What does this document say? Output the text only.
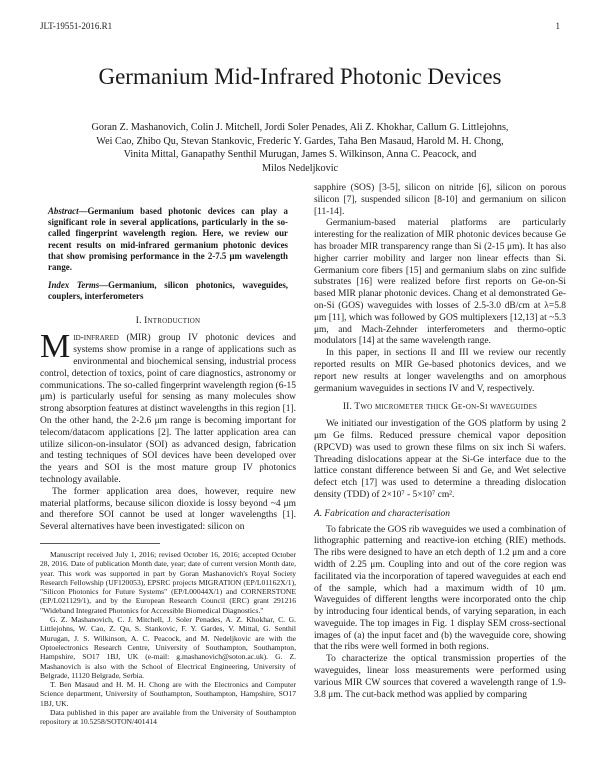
JLT-19551-2016.R1	1
Germanium Mid-Infrared Photonic Devices
Goran Z. Mashanovich, Colin J. Mitchell, Jordi Soler Penades, Ali Z. Khokhar, Callum G. Littlejohns,
Wei Cao, Zhibo Qu, Stevan Stankovic, Frederic Y. Gardes, Taha Ben Masaud, Harold M. H. Chong,
Vinita Mittal, Ganapathy Senthil Murugan, James S. Wilkinson, Anna C. Peacock, and
Milos Nedeljkovic
Abstract—Germanium based photonic devices can play a significant role in several applications, particularly in the so-called fingerprint wavelength region. Here, we review our recent results on mid-infrared germanium photonic devices that show promising performance in the 2-7.5 μm wavelength range.
Index Terms—Germanium, silicon photonics, waveguides, couplers, interferometers
I. Introduction

Mid-infrared (MIR) group IV photonic devices and systems show promise in a range of applications such as environmental and biochemical sensing, industrial process control, detection of toxics, point of care diagnostics, astronomy or communications. The so-called fingerprint wavelength region (6-15 μm) is particularly useful for sensing as many molecules show strong absorption features at distinct wavelengths in this region [1]. On the other hand, the 2-2.6 μm range is becoming important for telecom/datacom applications [2]. The latter application area can utilize silicon-on-insulator (SOI) as advanced design, fabrication and testing techniques of SOI devices have been developed over the years and SOI is the most mature group IV photonics technology available.

The former application area does, however, require new material platforms, because silicon dioxide is lossy beyond ~4 μm and therefore SOI cannot be used at longer wavelengths [1]. Several alternatives have been investigated: silicon on

Manuscript received July 1, 2016; revised October 16, 2016; accepted October 28, 2016. Date of publication Month date, year; date of current version Month date, year. This work was supported in part by Goran Mashanovich's Royal Society Research Fellowship (UF120053), EPSRC projects MIGRATION (EP/L01162X/1), "Silicon Photonics for Future Systems" (EP/L00044X/1) and CORNERSTONE (EP/L021129/1), and by the European Research Council (ERC) grant 291216 "Wideband Integrated Photonics for Accessible Biomedical Diagnostics."

G. Z. Mashanovich, C. J. Mitchell, J. Soler Penades, A. Z. Khokhar, C. G. Littlejohns, W. Cao, Z. Qu, S. Stankovic, F. Y. Gardes, V. Mittal, G. Senthil Murugan, J. S. Wilkinson, A. C. Peacock, and M. Nedeljkovic are with the Optoelectronics Research Centre, University of Southampton, Southampton, Hampshire, SO17 1BJ, UK (e-mail: g.mashanovich@soton.ac.uk). G. Z. Mashanovich is also with the School of Electrical Engineering, University of Belgrade, 11120 Belgrade, Serbia.

T. Ben Masaud and H. M. H. Chong are with the Electronics and Computer Science department, University of Southampton, Southampton, Hampshire, SO17 1BJ, UK.

Data published in this paper are available from the University of Southampton repository at 10.5258/SOTON/401414

sapphire (SOS) [3-5], silicon on nitride [6], silicon on porous silicon [7], suspended silicon [8-10] and germanium on silicon [11-14].

Germanium-based material platforms are particularly interesting for the realization of MIR photonic devices because Ge has broader MIR transparency range than Si (2-15 μm). It has also higher carrier mobility and larger non linear effects than Si. Germanium core fibers [15] and germanium slabs on zinc sulfide substrates [16] were realized before first reports on Ge-on-Si based MIR planar photonic devices. Chang et al demonstrated Ge-on-Si (GOS) waveguides with losses of 2.5-3.0 dB/cm at λ=5.8 μm [11], which was followed by GOS multiplexers [12,13] at ~5.3 μm, and Mach-Zehnder interferometers and thermo-optic modulators [14] at the same wavelength range.

In this paper, in sections II and III we review our recently reported results on MIR Ge-based photonics devices, and we report new results at longer wavelengths and on amorphous germanium waveguides in sections IV and V, respectively.

II. Two micrometer thick Ge-on-Si waveguides

We initiated our investigation of the GOS platform by using 2 μm Ge films. Reduced pressure chemical vapor deposition (RPCVD) was used to grown these films on six inch Si wafers. Threading dislocations appear at the Si-Ge interface due to the lattice constant difference between Si and Ge, and Wet selective defect etch [17] was used to determine a threading dislocation density (TDD) of 2×10⁷ - 5×10⁷ cm².

A. Fabrication and characterisation

To fabricate the GOS rib waveguides we used a combination of lithographic patterning and reactive-ion etching (RIE) methods. The ribs were designed to have an etch depth of 1.2 μm and a core width of 2.25 μm. Coupling into and out of the core region was facilitated via the incorporation of tapered waveguides at each end of the sample, which had a maximum width of 10 μm. Waveguides of different lengths were incorporated onto the chip by introducing four identical bends, of varying separation, in each waveguide. The top images in Fig. 1 display SEM cross-sectional images of (a) the input facet and (b) the waveguide core, showing that the ribs were well formed in both regions.

To characterize the optical transmission properties of the waveguides, linear loss measurements were performed using various MIR CW sources that covered a wavelength range of 1.9-3.8 μm. The cut-back method was applied by comparing
